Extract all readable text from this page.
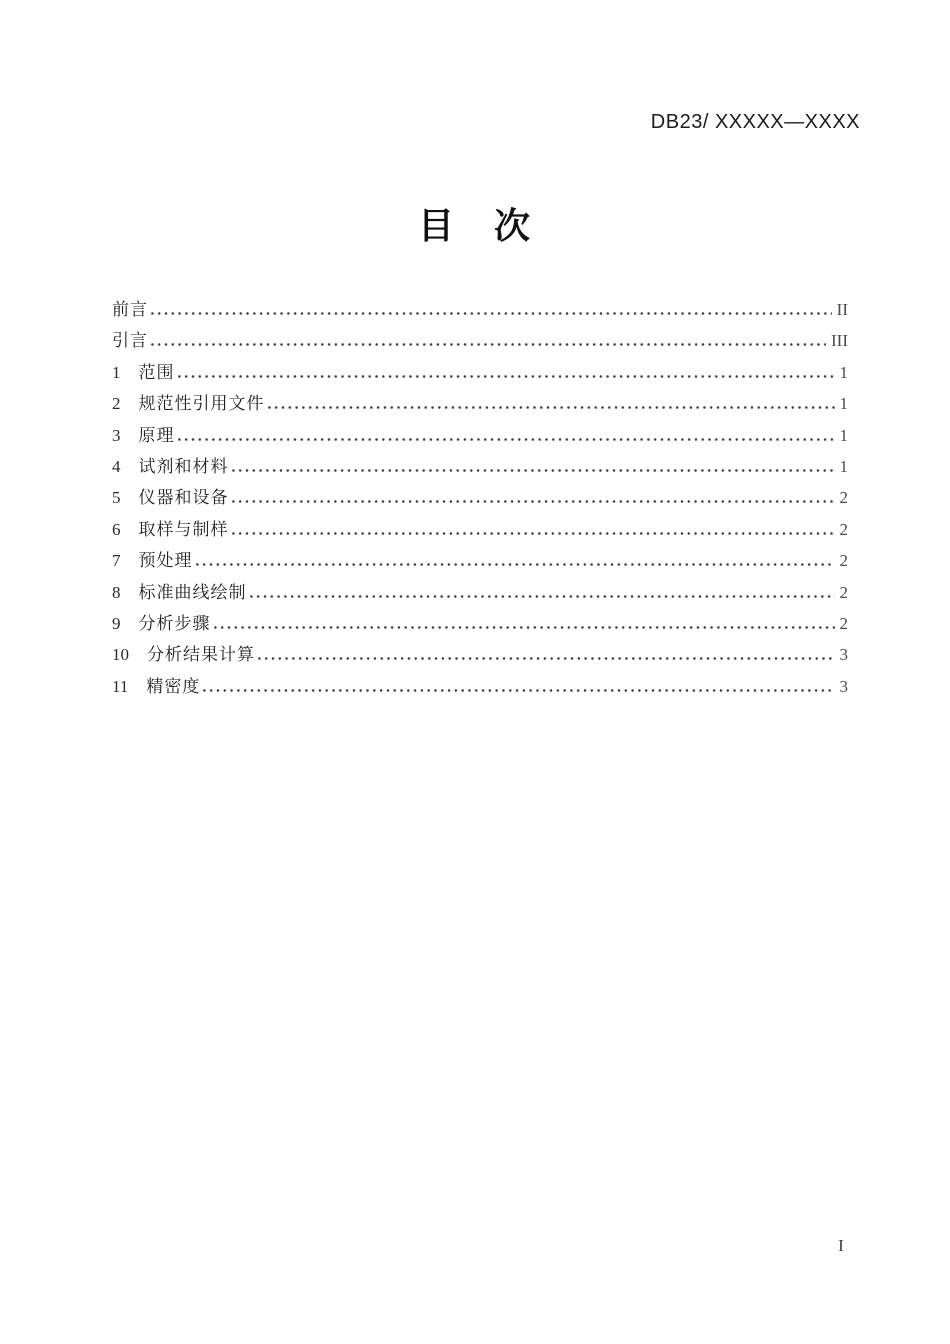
DB23/ XXXXX—XXXX
目　次
前言	II
引言	III
1 范围	1
2 规范性引用文件	1
3 原理	1
4 试剂和材料	1
5 仪器和设备	2
6 取样与制样	2
7 预处理	2
8 标准曲线绘制	2
9 分析步骤	2
10 分析结果计算	3
11 精密度	3
I
